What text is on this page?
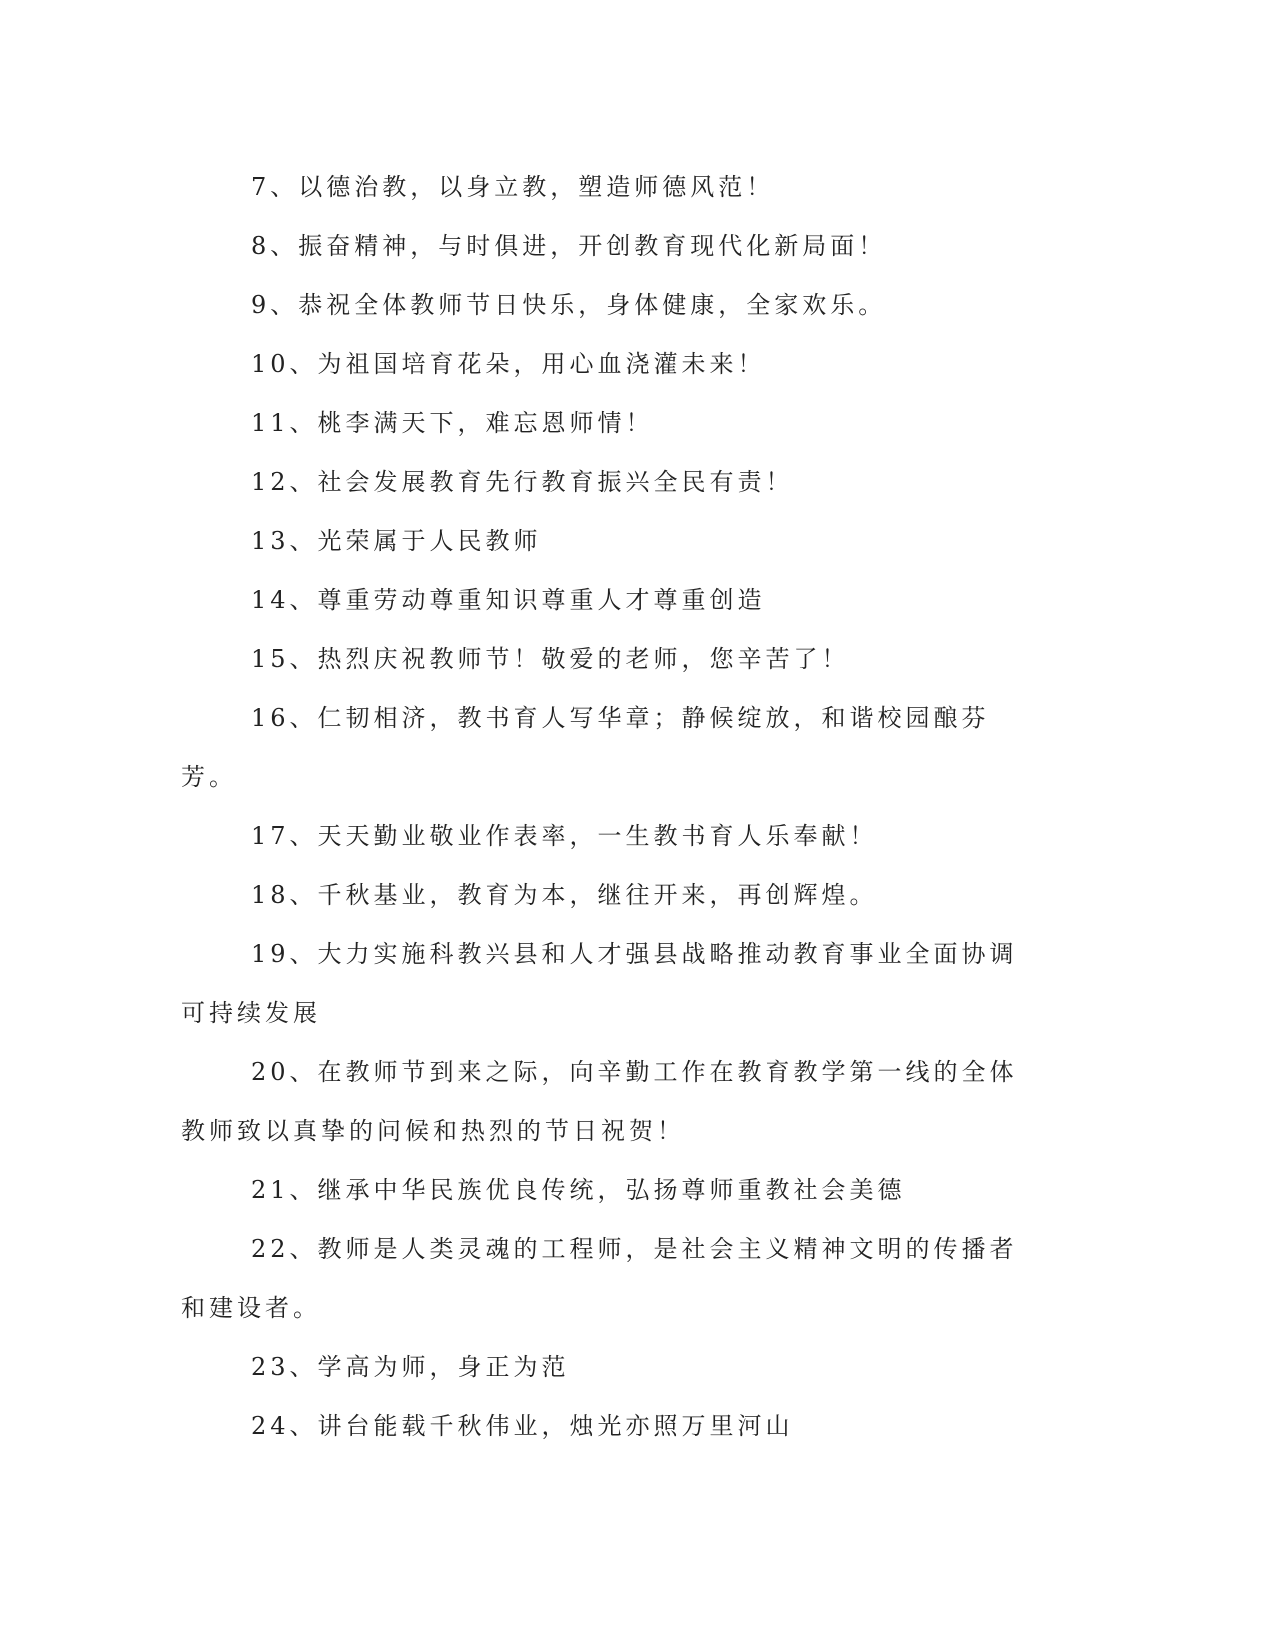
7、以德治教，以身立教，塑造师德风范！

8、振奋精神，与时俱进，开创教育现代化新局面！

9、恭祝全体教师节日快乐，身体健康，全家欢乐。

10、为祖国培育花朵，用心血浇灌未来！

11、桃李满天下，难忘恩师情！

12、社会发展教育先行教育振兴全民有责！

13、光荣属于人民教师

14、尊重劳动尊重知识尊重人才尊重创造

15、热烈庆祝教师节！敬爱的老师，您辛苦了！

16、仁韧相济，教书育人写华章；静候绽放，和谐校园酿芬芳。

17、天天勤业敬业作表率，一生教书育人乐奉献！

18、千秋基业，教育为本，继往开来，再创辉煌。

19、大力实施科教兴县和人才强县战略推动教育事业全面协调可持续发展

20、在教师节到来之际，向辛勤工作在教育教学第一线的全体教师致以真挚的问候和热烈的节日祝贺！

21、继承中华民族优良传统，弘扬尊师重教社会美德

22、教师是人类灵魂的工程师，是社会主义精神文明的传播者和建设者。

23、学高为师，身正为范

24、讲台能载千秋伟业，烛光亦照万里河山
